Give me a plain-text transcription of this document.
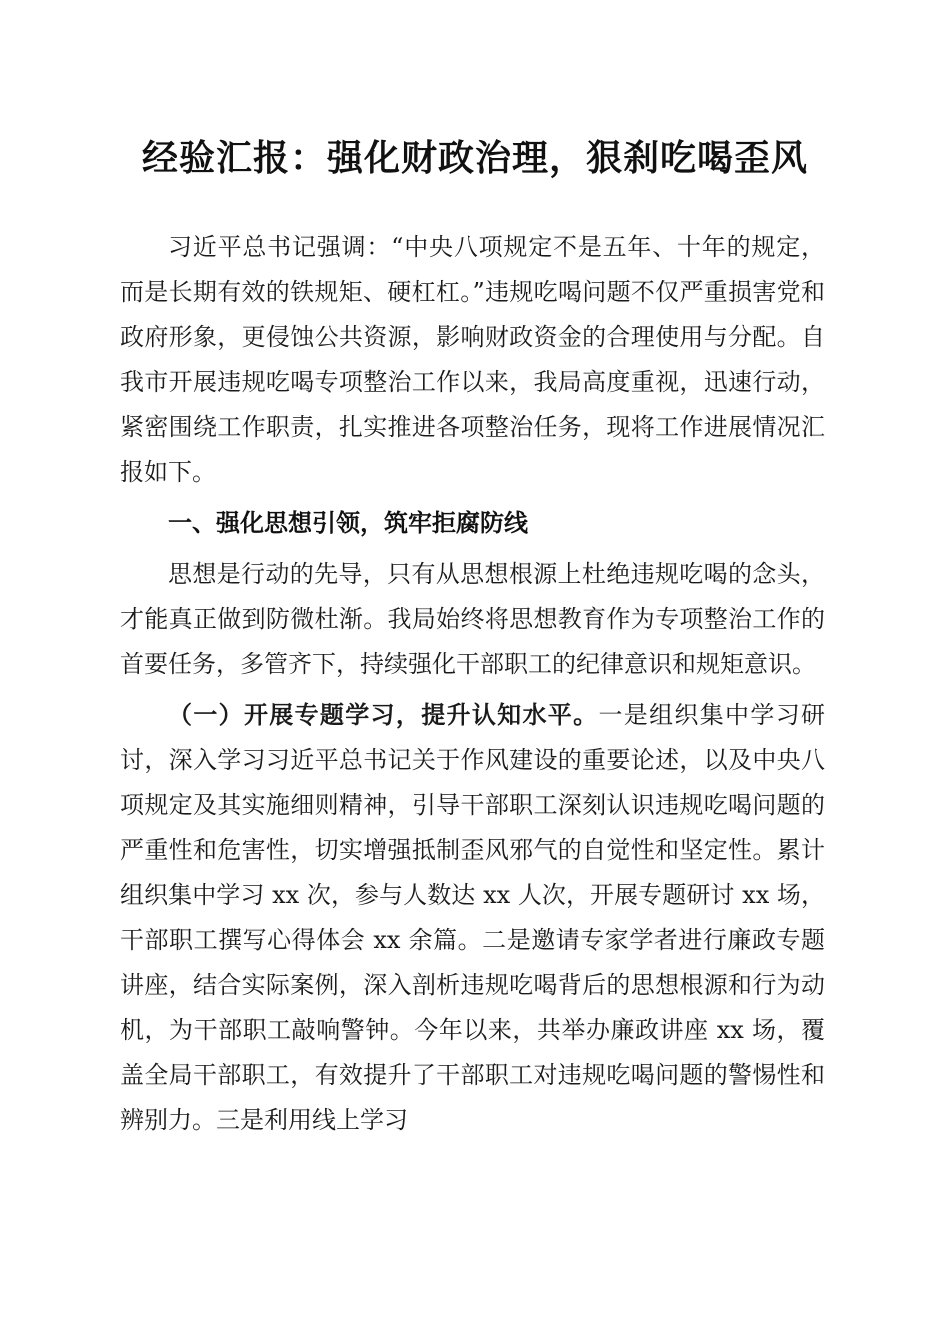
经验汇报：强化财政治理，狠刹吃喝歪风

习近平总书记强调：“中央八项规定不是五年、十年的规定，而是长期有效的铁规矩、硬杠杠。”违规吃喝问题不仅严重损害党和政府形象，更侵蚀公共资源，影响财政资金的合理使用与分配。自我市开展违规吃喝专项整治工作以来，我局高度重视，迅速行动，紧密围绕工作职责，扎实推进各项整治任务，现将工作进展情况汇报如下。

一、强化思想引领，筑牢拒腐防线

思想是行动的先导，只有从思想根源上杜绝违规吃喝的念头，才能真正做到防微杜渐。我局始终将思想教育作为专项整治工作的首要任务，多管齐下，持续强化干部职工的纪律意识和规矩意识。

（一）开展专题学习，提升认知水平。一是组织集中学习研讨，深入学习习近平总书记关于作风建设的重要论述，以及中央八项规定及其实施细则精神，引导干部职工深刻认识违规吃喝问题的严重性和危害性，切实增强抵制歪风邪气的自觉性和坚定性。累计组织集中学习 xx 次，参与人数达 xx 人次，开展专题研讨 xx 场，干部职工撰写心得体会 xx 余篇。二是邀请专家学者进行廉政专题讲座，结合实际案例，深入剖析违规吃喝背后的思想根源和行为动机，为干部职工敲响警钟。今年以来，共举办廉政讲座 xx 场，覆盖全局干部职工，有效提升了干部职工对违规吃喝问题的警惕性和辨别力。三是利用线上学习
